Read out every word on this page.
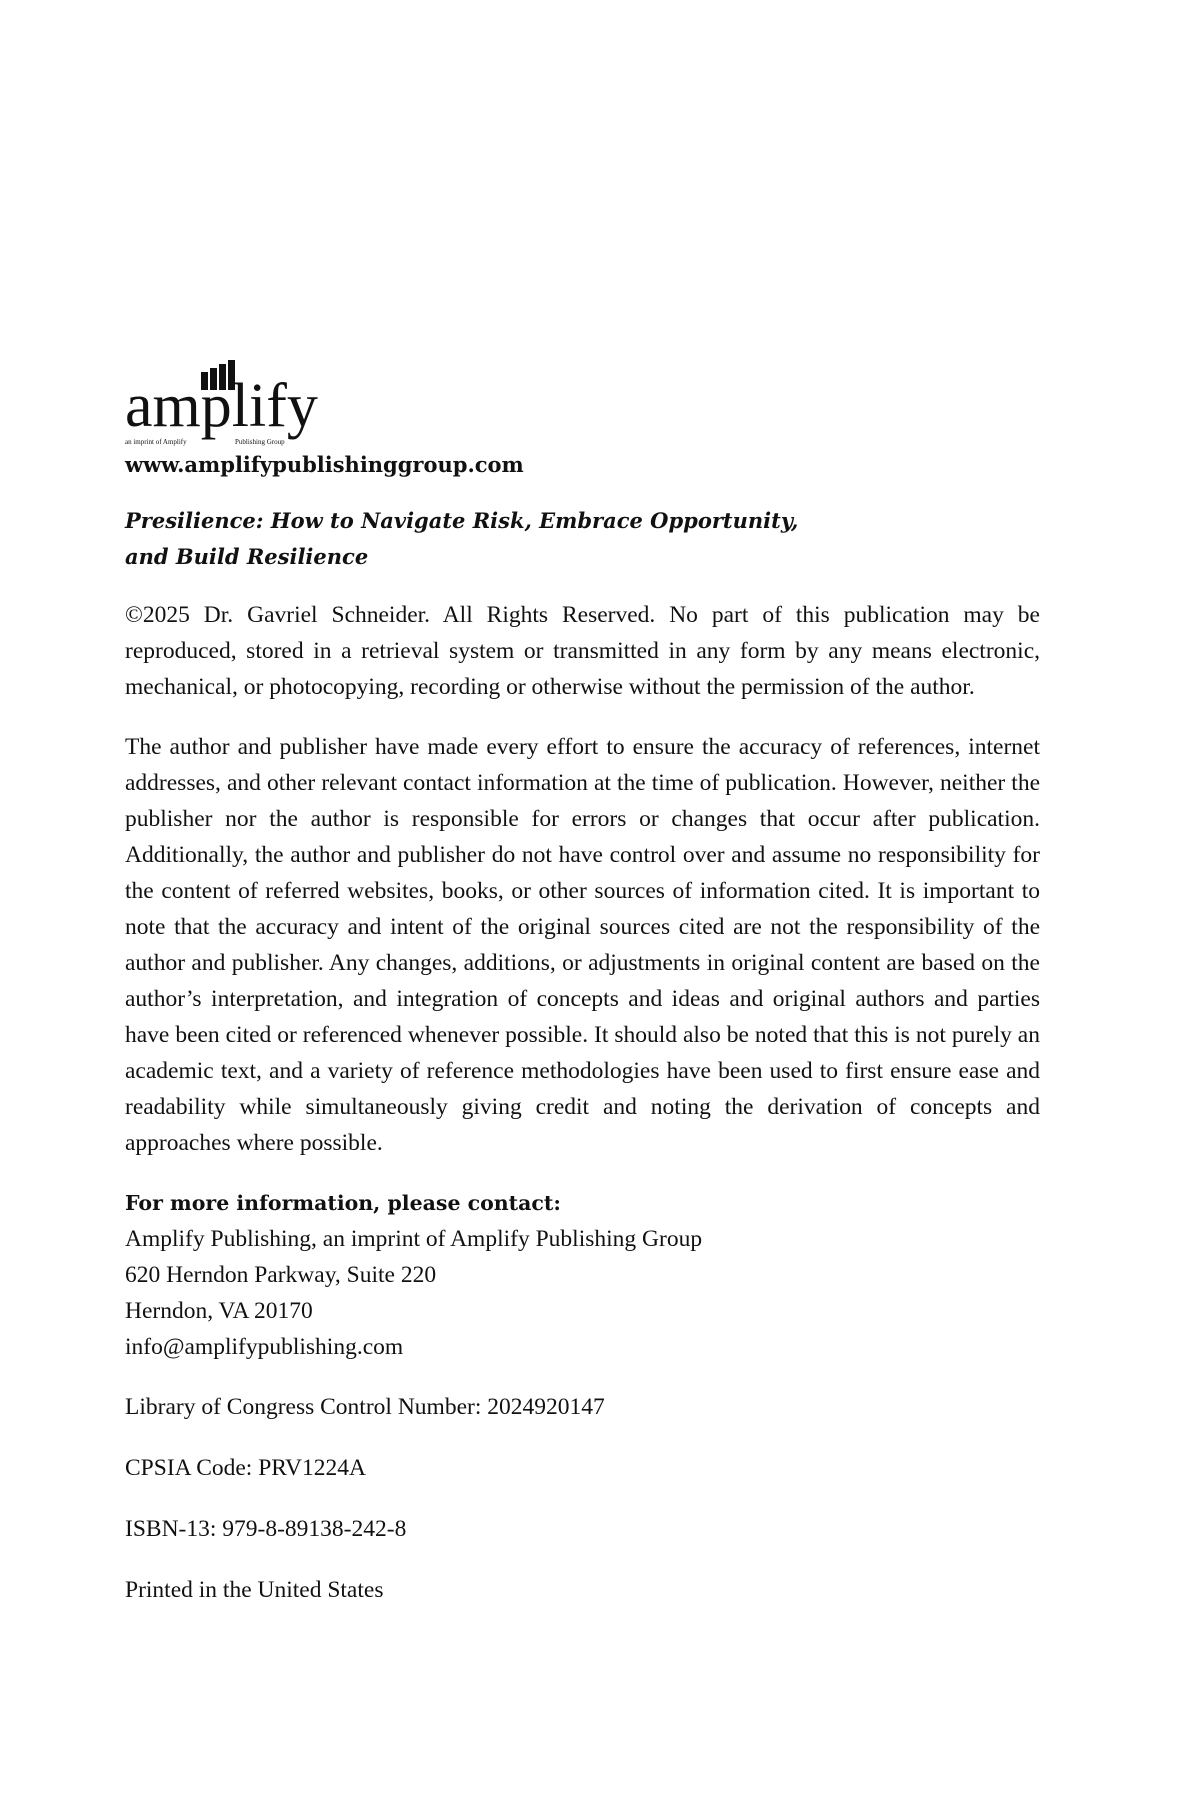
amplify
an imprint of Amplify	Publishing Group
www.amplifypublishinggroup.com
Presilience: How to Navigate Risk, Embrace Opportunity,
and Build Resilience

©2025 Dr. Gavriel Schneider. All Rights Reserved. No part of this publication may be reproduced, stored in a retrieval system or transmitted in any form by any means electronic, mechanical, or photocopying, recording or otherwise without the permission of the author.

The author and publisher have made every effort to ensure the accuracy of references, internet addresses, and other relevant contact information at the time of publication. However, neither the publisher nor the author is responsible for errors or changes that occur after publication. Additionally, the author and publisher do not have control over and assume no responsibility for the content of referred websites, books, or other sources of information cited. It is important to note that the accuracy and intent of the original sources cited are not the responsibility of the author and publisher. Any changes, additions, or adjustments in original content are based on the author’s interpretation, and integration of concepts and ideas and original authors and parties have been cited or referenced whenever possible. It should also be noted that this is not purely an academic text, and a variety of reference methodologies have been used to first ensure ease and readability while simultaneously giving credit and noting the derivation of concepts and approaches where possible.

For more information, please contact:
Amplify Publishing, an imprint of Amplify Publishing Group
620 Herndon Parkway, Suite 220
Herndon, VA 20170
info@amplifypublishing.com
Library of Congress Control Number: 2024920147
CPSIA Code: PRV1224A
ISBN-13: 979-8-89138-242-8
Printed in the United States
